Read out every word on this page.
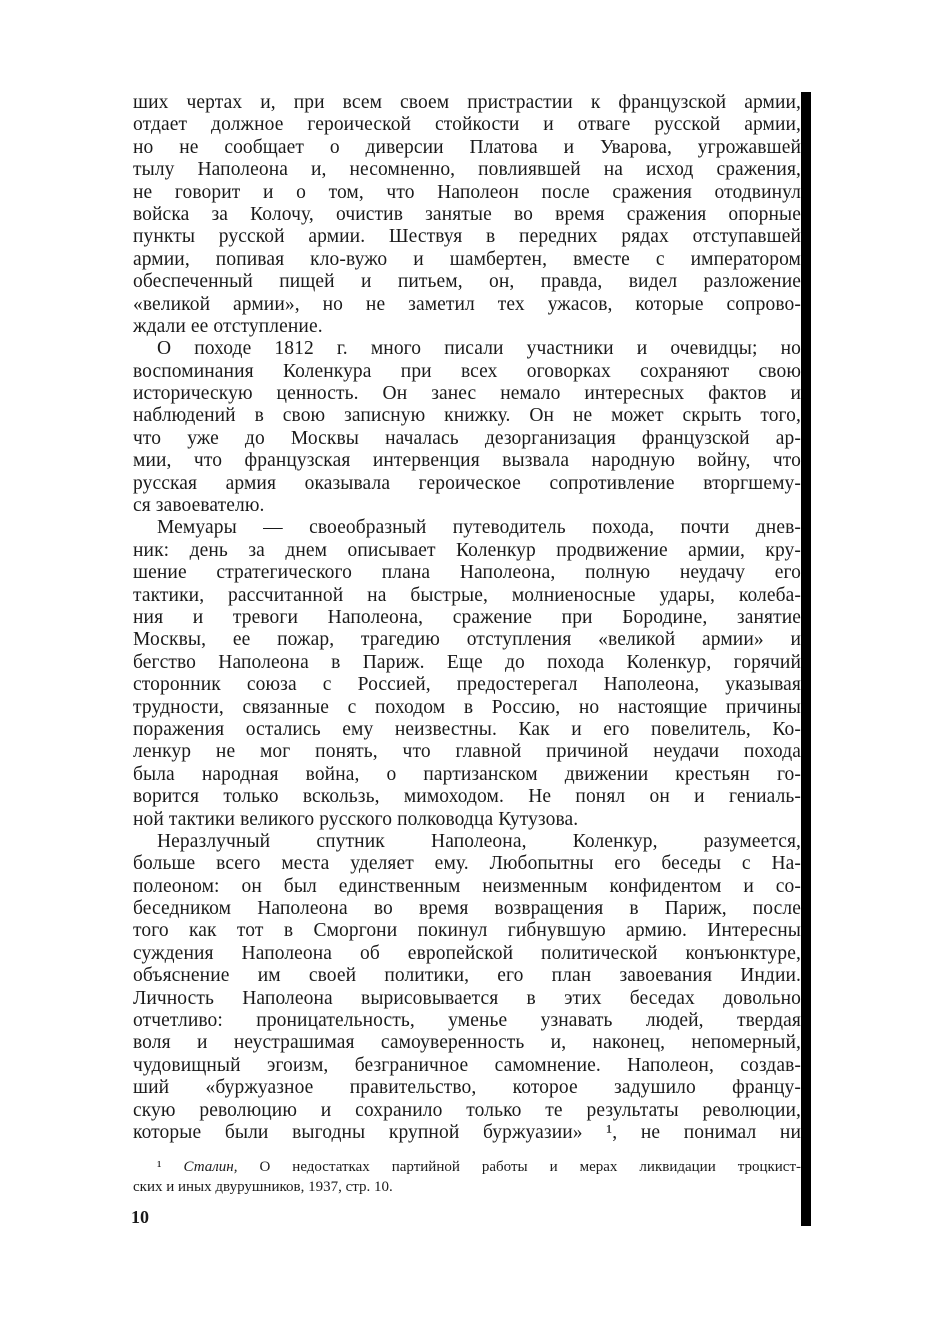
ших чертах и, при всем своем пристрастии к французской армии,
отдает должное героической стойкости и отваге русской армии,
но не сообщает о диверсии Платова и Уварова, угрожавшей
тылу Наполеона и, несомненно, повлиявшей на исход сражения,
не говорит и о том, что Наполеон после сражения отодвинул
войска за Колочу, очистив занятые во время сражения опорные
пункты русской армии. Шествуя в передних рядах отступавшей
армии, попивая кло-вужо и шамбертен, вместе с императором
обеспеченный пищей и питьем, он, правда, видел разложение
«великой армии», но не заметил тех ужасов, которые сопрово-
ждали ее отступление.
О походе 1812 г. много писали участники и очевидцы; но
воспоминания Коленкура при всех оговорках сохраняют свою
историческую ценность. Он занес немало интересных фактов и
наблюдений в свою записную книжку. Он не может скрыть того,
что уже до Москвы началась дезорганизация французской ар-
мии, что французская интервенция вызвала народную войну, что
русская армия оказывала героическое сопротивление вторгшему-
ся завоевателю.
Мемуары — своеобразный путеводитель похода, почти днев-
ник: день за днем описывает Коленкур продвижение армии, кру-
шение стратегического плана Наполеона, полную неудачу его
тактики, рассчитанной на быстрые, молниеносные удары, колеба-
ния и тревоги Наполеона, сражение при Бородине, занятие
Москвы, ее пожар, трагедию отступления «великой армии» и
бегство Наполеона в Париж. Еще до похода Коленкур, горячий
сторонник союза с Россией, предостерегал Наполеона, указывая
трудности, связанные с походом в Россию, но настоящие причины
поражения остались ему неизвестны. Как и его повелитель, Ко-
ленкур не мог понять, что главной причиной неудачи похода
была народная война, о партизанском движении крестьян го-
ворится только вскользь, мимоходом. Не понял он и гениаль-
ной тактики великого русского полководца Кутузова.
Неразлучный спутник Наполеона, Коленкур, разумеется,
больше всего места уделяет ему. Любопытны его беседы с На-
полеоном: он был единственным неизменным конфидентом и со-
беседником Наполеона во время возвращения в Париж, после
того как тот в Сморгони покинул гибнувшую армию. Интересны
суждения Наполеона об европейской политической конъюнктуре,
объяснение им своей политики, его план завоевания Индии.
Личность Наполеона вырисовывается в этих беседах довольно
отчетливо: проницательность, уменье узнавать людей, твердая
воля и неустрашимая самоуверенность и, наконец, непомерный,
чудовищный эгоизм, безграничное самомнение. Наполеон, создав-
ший «буржуазное правительство, которое задушило францу-
скую революцию и сохранило только те результаты революции,
которые были выгодны крупной буржуазии» ¹, не понимал ни
¹ Сталин, О недостатках партийной работы и мерах ликвидации троцкист-
ских и иных двурушников, 1937, стр. 10.
10
